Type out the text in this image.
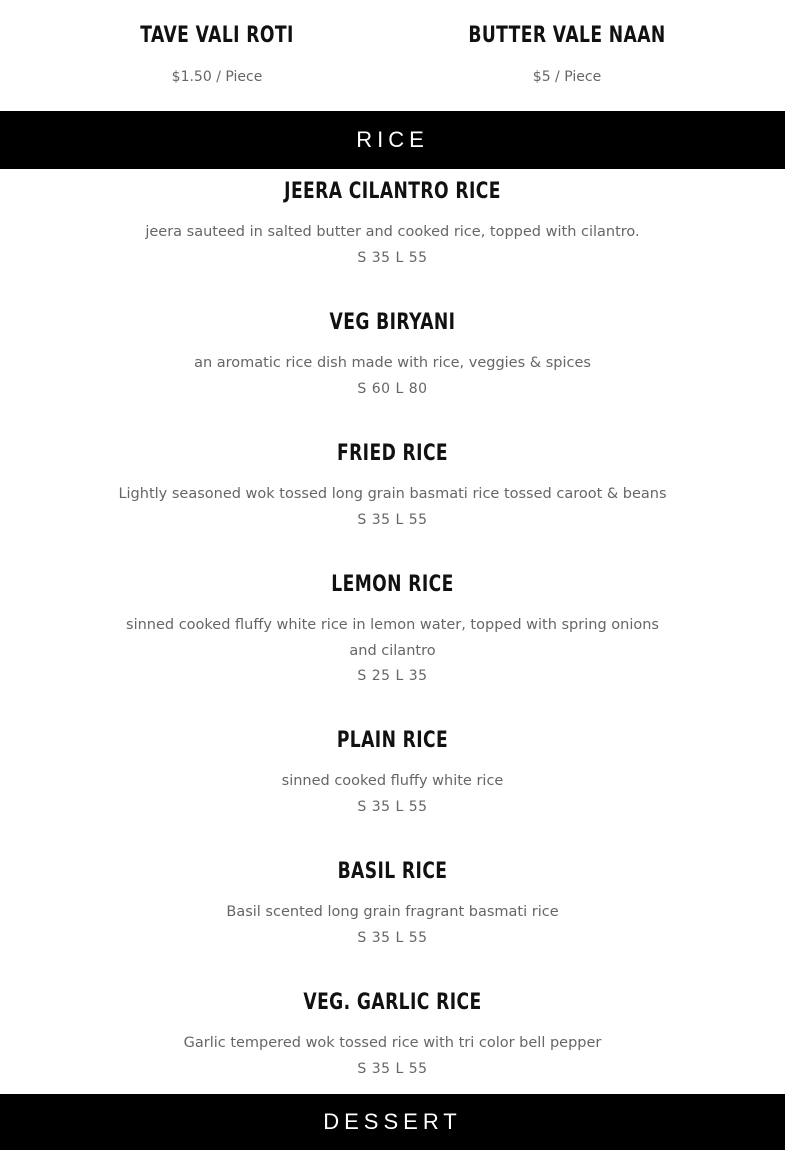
TAVE VALI ROTI
$1.50 / Piece
BUTTER VALE NAAN
$5 / Piece
RICE
JEERA CILANTRO RICE
jeera sauteed in salted butter and cooked rice, topped with cilantro.
S 35 L 55
VEG BIRYANI
an aromatic rice dish made with rice, veggies & spices
S 60 L 80
FRIED RICE
Lightly seasoned wok tossed long grain basmati rice tossed caroot & beans
S 35 L 55
LEMON RICE
sinned cooked fluffy white rice in lemon water, topped with spring onions and cilantro
S 25 L 35
PLAIN RICE
sinned cooked fluffy white rice
S 35 L 55
BASIL RICE
Basil scented long grain fragrant basmati rice
S 35 L 55
VEG. GARLIC RICE
Garlic tempered wok tossed rice with tri color bell pepper
S 35 L 55
DESSERT
